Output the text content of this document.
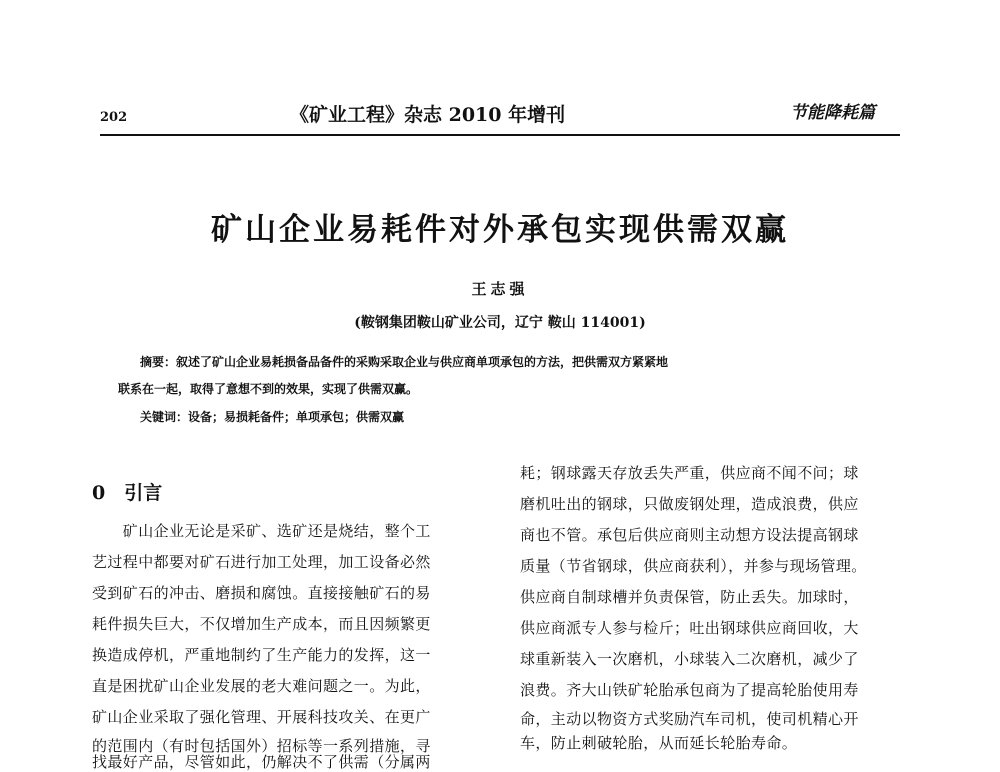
202	《矿业工程》杂志 2010 年增刊	节能降耗篇
矿山企业易耗件对外承包实现供需双赢
王志强
(鞍钢集团鞍山矿业公司，辽宁 鞍山 114001)
摘要：叙述了矿山企业易耗损备品备件的采购采取企业与供应商单项承包的方法，把供需双方紧紧地
联系在一起，取得了意想不到的效果，实现了供需双赢。
关键词：设备；易损耗备件；单项承包；供需双赢
0　引言
　　矿山企业无论是采矿、选矿还是烧结，整个工
艺过程中都要对矿石进行加工处理，加工设备必然
受到矿石的冲击、磨损和腐蚀。直接接触矿石的易
耗件损失巨大，不仅增加生产成本，而且因频繁更
换造成停机，严重地制约了生产能力的发挥，这一
直是困扰矿山企业发展的老大难问题之一。为此，
矿山企业采取了强化管理、开展科技攻关、在更广
的范围内（有时包括国外）招标等一系列措施，寻
找最好产品，尽管如此，仍解决不了供需（分属两
耗；钢球露天存放丢失严重，供应商不闻不问；球
磨机吐出的钢球，只做废钢处理，造成浪费，供应
商也不管。承包后供应商则主动想方设法提高钢球
质量（节省钢球，供应商获利），并参与现场管理。
供应商自制球槽并负责保管，防止丢失。加球时，
供应商派专人参与检斤；吐出钢球供应商回收，大
球重新装入一次磨机，小球装入二次磨机，减少了
浪费。齐大山铁矿轮胎承包商为了提高轮胎使用寿
命，主动以物资方式奖励汽车司机，使司机精心开
车，防止刺破轮胎，从而延长轮胎寿命。
